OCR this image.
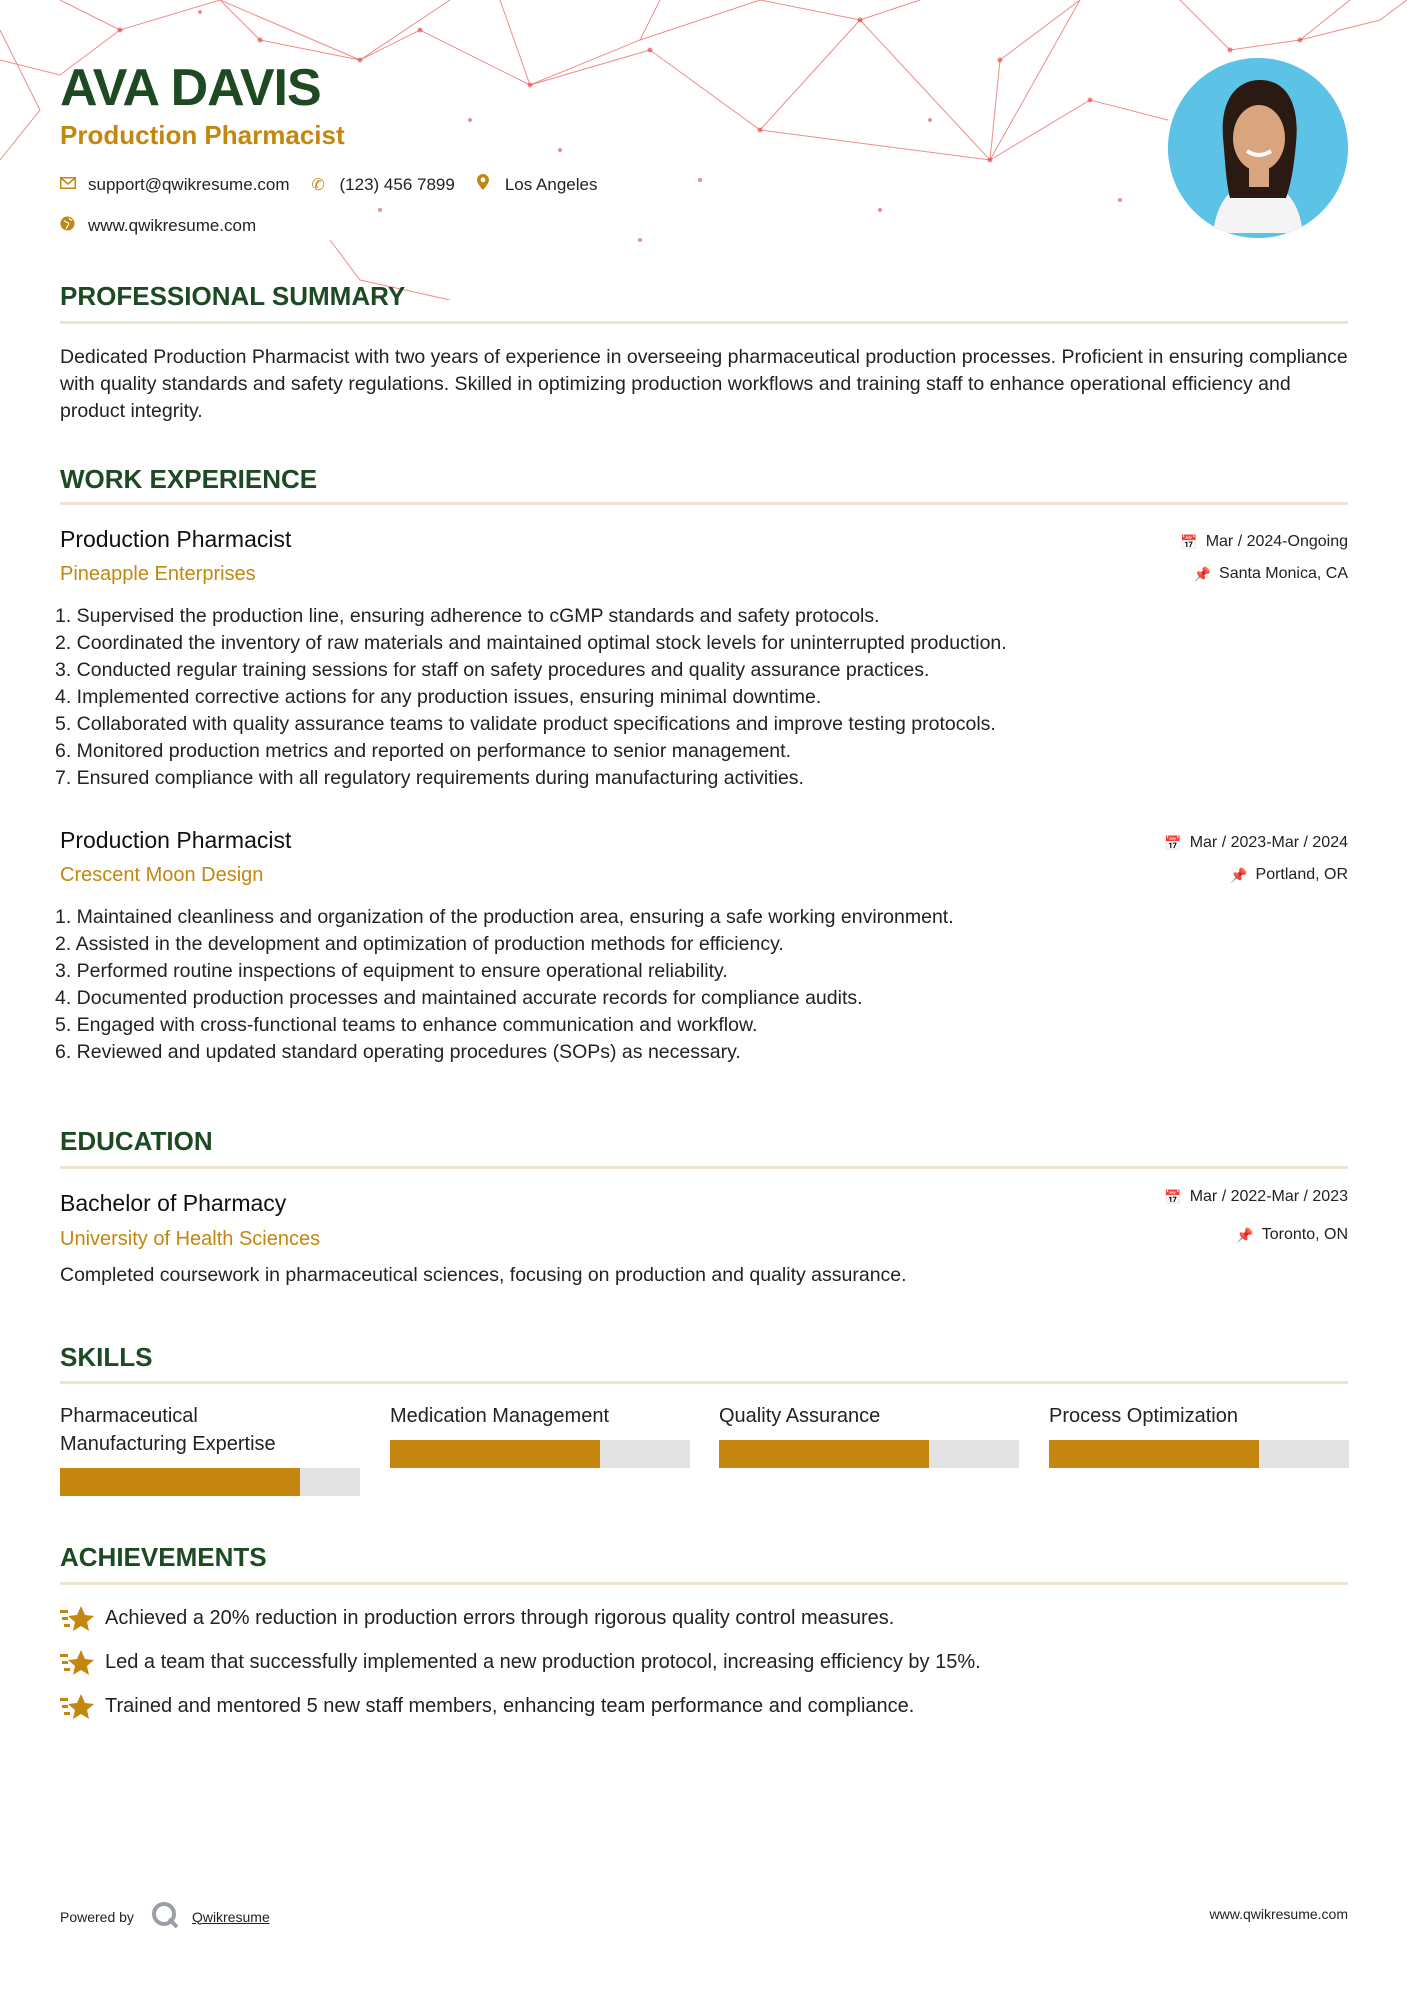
AVA DAVIS
Production Pharmacist
support@qwikresume.com ✆ (123) 456 7899	Los Angeles
www.qwikresume.com
PROFESSIONAL SUMMARY

Dedicated Production Pharmacist with two years of experience in overseeing pharmaceutical production processes. Proficient in ensuring compliance with quality standards and safety regulations. Skilled in optimizing production workflows and training staff to enhance operational efficiency and product integrity.

WORK EXPERIENCE
Production Pharmacist
Pineapple Enterprises
📅 Mar / 2024-Ongoing
📌 Santa Monica, CA
1. Supervised the production line, ensuring adherence to cGMP standards and safety protocols.
2. Coordinated the inventory of raw materials and maintained optimal stock levels for uninterrupted production.
3. Conducted regular training sessions for staff on safety procedures and quality assurance practices.
4. Implemented corrective actions for any production issues, ensuring minimal downtime.
5. Collaborated with quality assurance teams to validate product specifications and improve testing protocols.
6. Monitored production metrics and reported on performance to senior management.
7. Ensured compliance with all regulatory requirements during manufacturing activities.
Production Pharmacist
Crescent Moon Design
📅 Mar / 2023-Mar / 2024
📌 Portland, OR
1. Maintained cleanliness and organization of the production area, ensuring a safe working environment.
2. Assisted in the development and optimization of production methods for efficiency.
3. Performed routine inspections of equipment to ensure operational reliability.
4. Documented production processes and maintained accurate records for compliance audits.
5. Engaged with cross-functional teams to enhance communication and workflow.
6. Reviewed and updated standard operating procedures (SOPs) as necessary.
EDUCATION
Bachelor of Pharmacy
University of Health Sciences
📅 Mar / 2022-Mar / 2023
📌 Toronto, ON

Completed coursework in pharmaceutical sciences, focusing on production and quality assurance.

SKILLS
Pharmaceutical Manufacturing Expertise
Medication Management	Quality Assurance	Process Optimization
ACHIEVEMENTS
Achieved a 20% reduction in production errors through rigorous quality control measures.
Led a team that successfully implemented a new production protocol, increasing efficiency by 15%.
Trained and mentored 5 new staff members, enhancing team performance and compliance.
Powered by	Qwikresume	www.qwikresume.com
